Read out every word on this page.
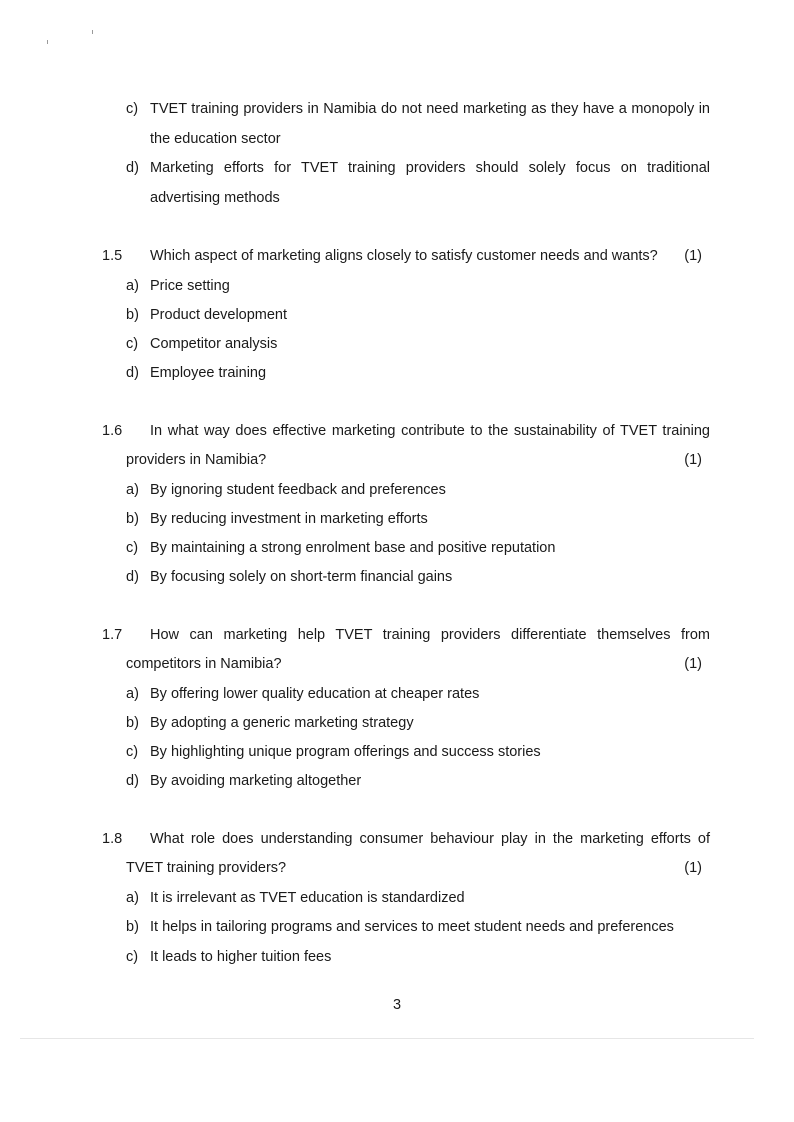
c) TVET training providers in Namibia do not need marketing as they have a monopoly in
the education sector
d) Marketing efforts for TVET training providers should solely focus on traditional
advertising methods
1.5 Which aspect of marketing aligns closely to satisfy customer needs and wants? (1)
a) Price setting
b) Product development
c) Competitor analysis
d) Employee training
1.6 In what way does effective marketing contribute to the sustainability of TVET training
providers in Namibia?	(1)
a) By ignoring student feedback and preferences
b) By reducing investment in marketing efforts
c) By maintaining a strong enrolment base and positive reputation
d) By focusing solely on short-term financial gains
1.7 How can marketing help TVET training providers differentiate themselves from
competitors in Namibia?	(1)
a) By offering lower quality education at cheaper rates
b) By adopting a generic marketing strategy
c) By highlighting unique program offerings and success stories
d) By avoiding marketing altogether
1.8 What role does understanding consumer behaviour play in the marketing efforts of
TVET training providers?	(1)
a) It is irrelevant as TVET education is standardized
b) It helps in tailoring programs and services to meet student needs and preferences
c) It leads to higher tuition fees
3
